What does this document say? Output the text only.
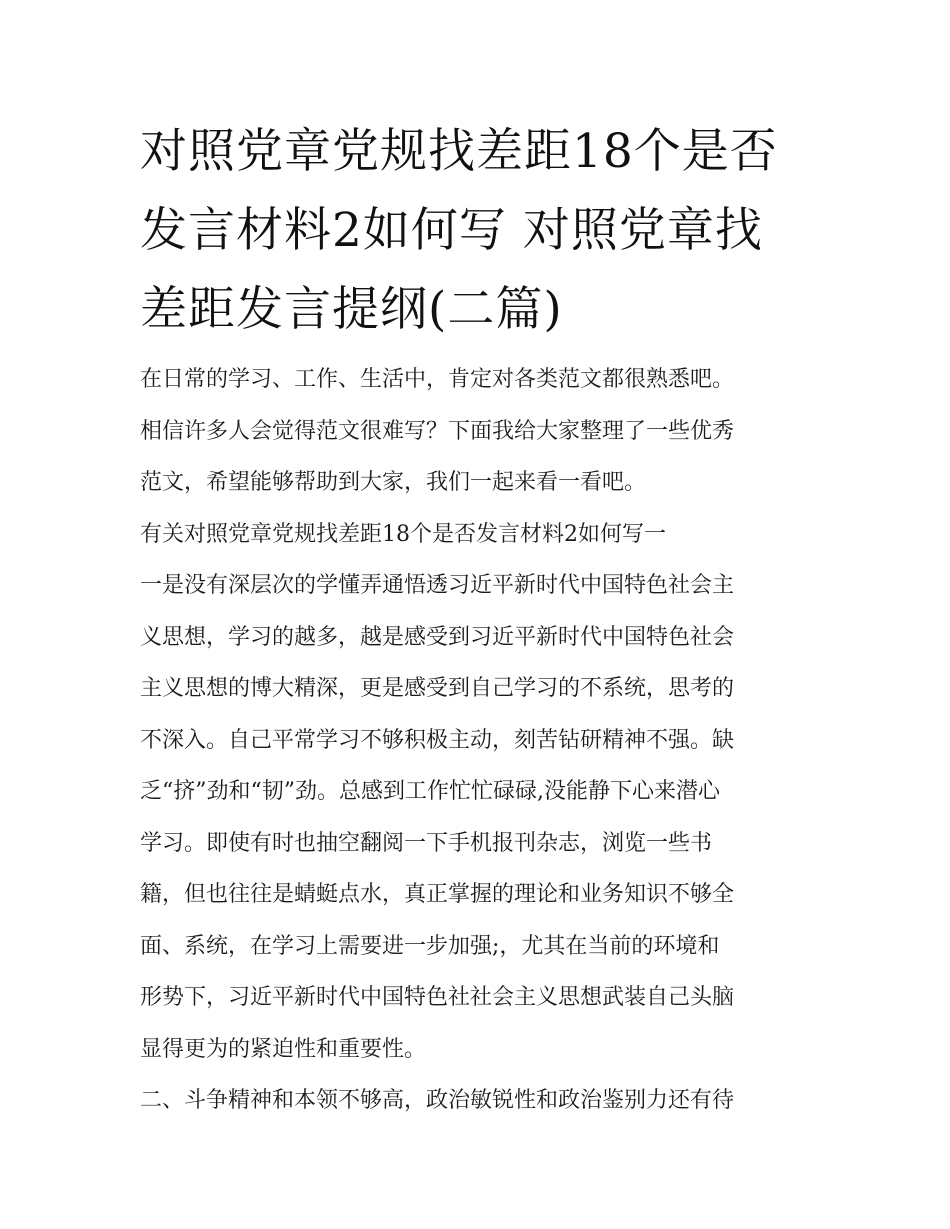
对照党章党规找差距18个是否
发言材料2如何写 对照党章找
差距发言提纲(二篇)

在日常的学习、工作、生活中，肯定对各类范文都很熟悉吧。
相信许多人会觉得范文很难写？下面我给大家整理了一些优秀
范文，希望能够帮助到大家，我们一起来看一看吧。

有关对照党章党规找差距18个是否发言材料2如何写一

一是没有深层次的学懂弄通悟透习近平新时代中国特色社会主
义思想，学习的越多，越是感受到习近平新时代中国特色社会
主义思想的博大精深，更是感受到自己学习的不系统，思考的
不深入。自己平常学习不够积极主动，刻苦钻研精神不强。缺
乏“挤”劲和“韧”劲。总感到工作忙忙碌碌,没能静下心来潜心
学习。即使有时也抽空翻阅一下手机报刊杂志，浏览一些书
籍，但也往往是蜻蜓点水，真正掌握的理论和业务知识不够全
面、系统，在学习上需要进一步加强;，尤其在当前的环境和
形势下，习近平新时代中国特色社社会主义思想武装自己头脑
显得更为的紧迫性和重要性。

二、斗争精神和本领不够高，政治敏锐性和政治鉴别力还有待
